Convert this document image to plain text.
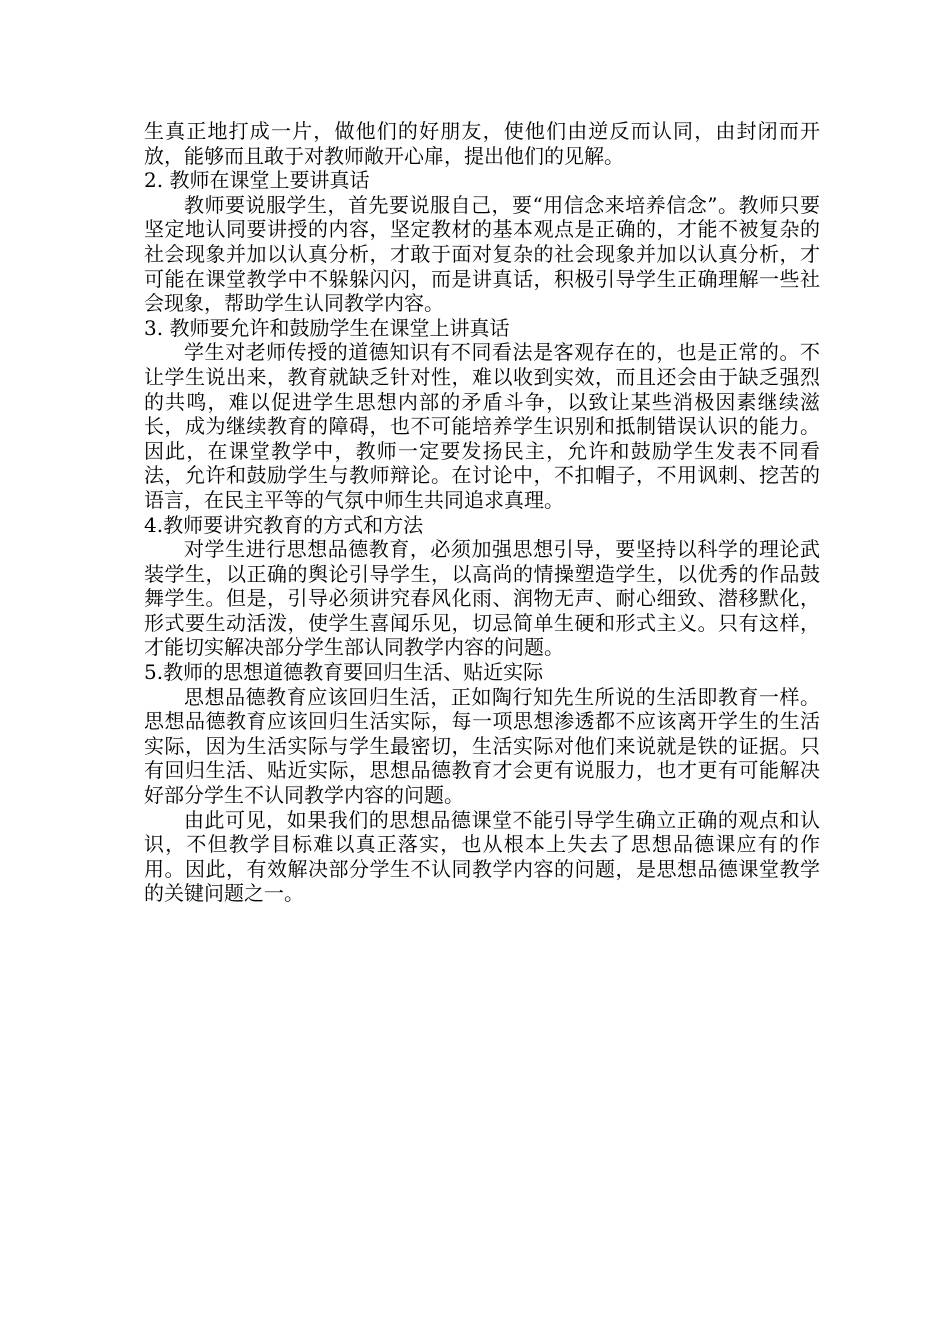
生真正地打成一片，做他们的好朋友，使他们由逆反而认同，由封闭而开放，能够而且敢于对教师敞开心扉，提出他们的见解。

2. 教师在课堂上要讲真话

教师要说服学生，首先要说服自己，要“用信念来培养信念”。教师只要坚定地认同要讲授的内容，坚定教材的基本观点是正确的，才能不被复杂的社会现象并加以认真分析，才敢于面对复杂的社会现象并加以认真分析，才可能在课堂教学中不躲躲闪闪，而是讲真话，积极引导学生正确理解一些社会现象，帮助学生认同教学内容。

3. 教师要允许和鼓励学生在课堂上讲真话

学生对老师传授的道德知识有不同看法是客观存在的，也是正常的。不让学生说出来，教育就缺乏针对性，难以收到实效，而且还会由于缺乏强烈的共鸣，难以促进学生思想内部的矛盾斗争，以致让某些消极因素继续滋长，成为继续教育的障碍，也不可能培养学生识别和抵制错误认识的能力。因此，在课堂教学中，教师一定要发扬民主，允许和鼓励学生发表不同看法，允许和鼓励学生与教师辩论。在讨论中，不扣帽子，不用讽刺、挖苦的语言，在民主平等的气氛中师生共同追求真理。

4.教师要讲究教育的方式和方法

对学生进行思想品德教育，必须加强思想引导，要坚持以科学的理论武装学生，以正确的舆论引导学生，以高尚的情操塑造学生，以优秀的作品鼓舞学生。但是，引导必须讲究春风化雨、润物无声、耐心细致、潜移默化，形式要生动活泼，使学生喜闻乐见，切忌简单生硬和形式主义。只有这样，才能切实解决部分学生部认同教学内容的问题。

5.教师的思想道德教育要回归生活、贴近实际

思想品德教育应该回归生活，正如陶行知先生所说的生活即教育一样。思想品德教育应该回归生活实际，每一项思想渗透都不应该离开学生的生活实际，因为生活实际与学生最密切，生活实际对他们来说就是铁的证据。只有回归生活、贴近实际，思想品德教育才会更有说服力，也才更有可能解决好部分学生不认同教学内容的问题。

由此可见，如果我们的思想品德课堂不能引导学生确立正确的观点和认识，不但教学目标难以真正落实，也从根本上失去了思想品德课应有的作用。因此，有效解决部分学生不认同教学内容的问题，是思想品德课堂教学的关键问题之一。
